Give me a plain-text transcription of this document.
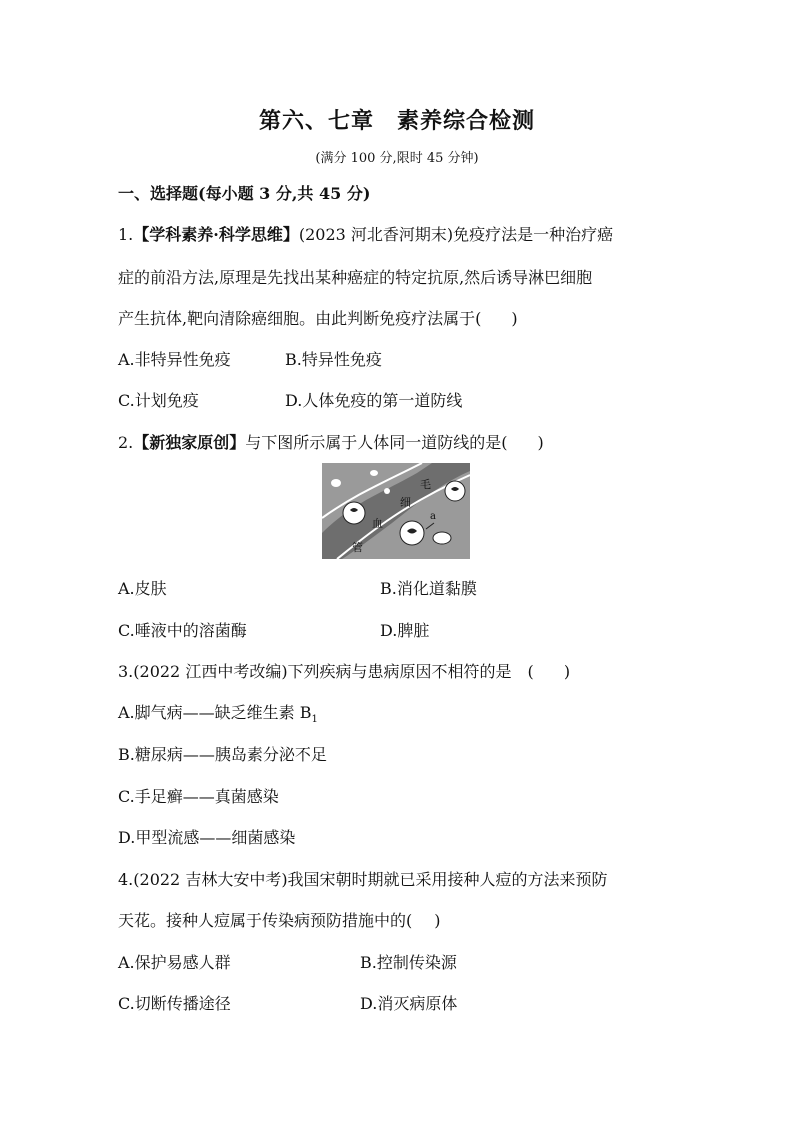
第六、七章　素养综合检测
(满分 100 分,限时 45 分钟)
一、选择题(每小题 3 分,共 45 分)
1.【学科素养·科学思维】(2023 河北香河期末)免疫疗法是一种治疗癌
症的前沿方法,原理是先找出某种癌症的特定抗原,然后诱导淋巴细胞
产生抗体,靶向清除癌细胞。由此判断免疫疗法属于( )
A.非特异性免疫	B.特异性免疫
C.计划免疫	D.人体免疫的第一道防线
2.【新独家原创】与下图所示属于人体同一道防线的是( )
毛
细
血
管
a
A.皮肤	B.消化道黏膜
C.唾液中的溶菌酶	D.脾脏
3.(2022 江西中考改编)下列疾病与患病原因不相符的是　( )
A.脚气病——缺乏维生素 $B_1$
B.糖尿病——胰岛素分泌不足
C.手足癣——真菌感染
D.甲型流感——细菌感染
4.(2022 吉林大安中考)我国宋朝时期就已采用接种人痘的方法来预防
天花。接种人痘属于传染病预防措施中的( )
A.保护易感人群	B.控制传染源
C.切断传播途径	D.消灭病原体
